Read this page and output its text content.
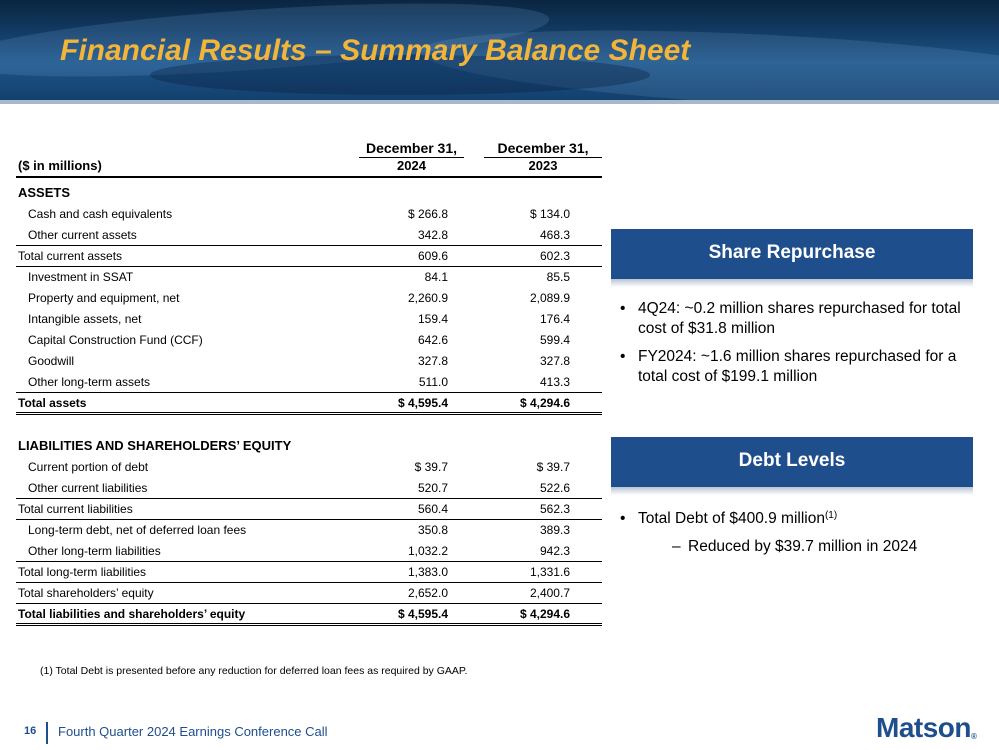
Financial Results – Summary Balance Sheet
December 31,	December 31,
($ in millions)	2024	2023
ASSETS
Cash and cash equivalents	$ 266.8	$ 134.0
Other current assets	342.8	468.3
Total current assets	609.6	602.3
Investment in SSAT	84.1	85.5
Property and equipment, net	2,260.9	2,089.9
Intangible assets, net	159.4	176.4
Capital Construction Fund (CCF)	642.6	599.4
Goodwill	327.8	327.8
Other long-term assets	511.0	413.3
Total assets	$ 4,595.4	$ 4,294.6
LIABILITIES AND SHAREHOLDERS’ EQUITY
Current portion of debt	$ 39.7	$ 39.7
Other current liabilities	520.7	522.6
Total current liabilities	560.4	562.3
Long-term debt, net of deferred loan fees	350.8	389.3
Other long-term liabilities	1,032.2	942.3
Total long-term liabilities	1,383.0	1,331.6
Total shareholders’ equity	2,652.0	2,400.7
Total liabilities and shareholders’ equity	$ 4,595.4	$ 4,294.6
Share Repurchase
• 4Q24: ~0.2 million shares repurchased for total cost of $31.8 million
• FY2024: ~1.6 million shares repurchased for a total cost of $199.1 million
Debt Levels
• Total Debt of $400.9 million$^{(1)}$
– Reduced by $39.7 million in 2024
(1) Total Debt is presented before any reduction for deferred loan fees as required by GAAP.
16 Fourth Quarter 2024 Earnings Conference Call	Matson®
